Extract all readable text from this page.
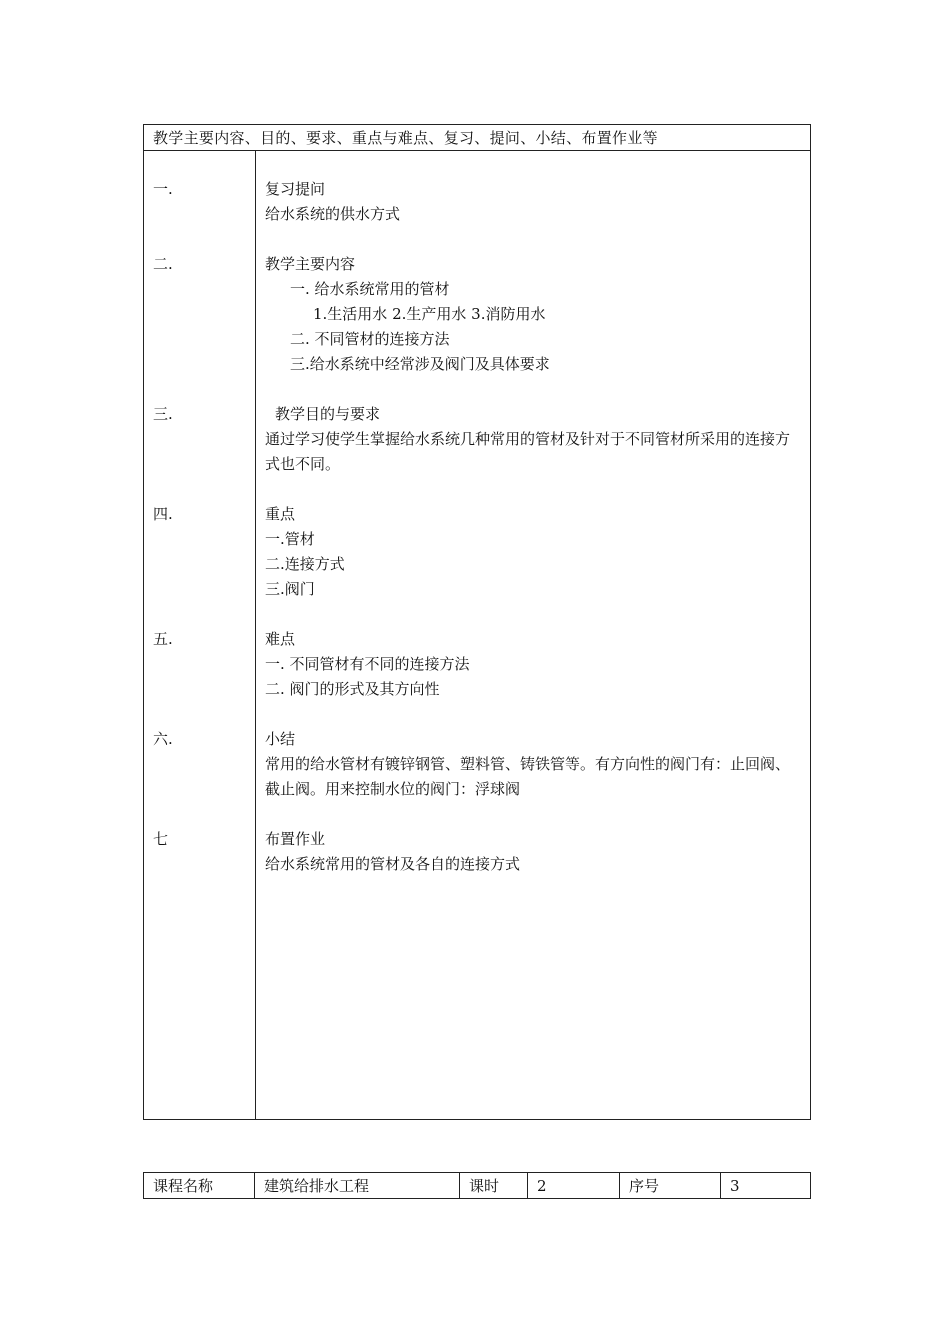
教学主要内容、目的、要求、重点与难点、复习、提问、小结、布置作业等
一.	复习提问
给水系统的供水方式
二.	教学主要内容
一. 给水系统常用的管材
1.生活用水 2.生产用水 3.消防用水
二. 不同管材的连接方法
三.给水系统中经常涉及阀门及具体要求
三.	教学目的与要求
通过学习使学生掌握给水系统几种常用的管材及针对于不同管材所采用的连接方式也不同。
四.	重点
一.管材
二.连接方式
三.阀门
五.	难点
一. 不同管材有不同的连接方法
二. 阀门的形式及其方向性
六.	小结
常用的给水管材有镀锌钢管、塑料管、铸铁管等。有方向性的阀门有：止回阀、截止阀。用来控制水位的阀门：浮球阀
七	布置作业
给水系统常用的管材及各自的连接方式
课程名称	建筑给排水工程	课时	2	序号	3
